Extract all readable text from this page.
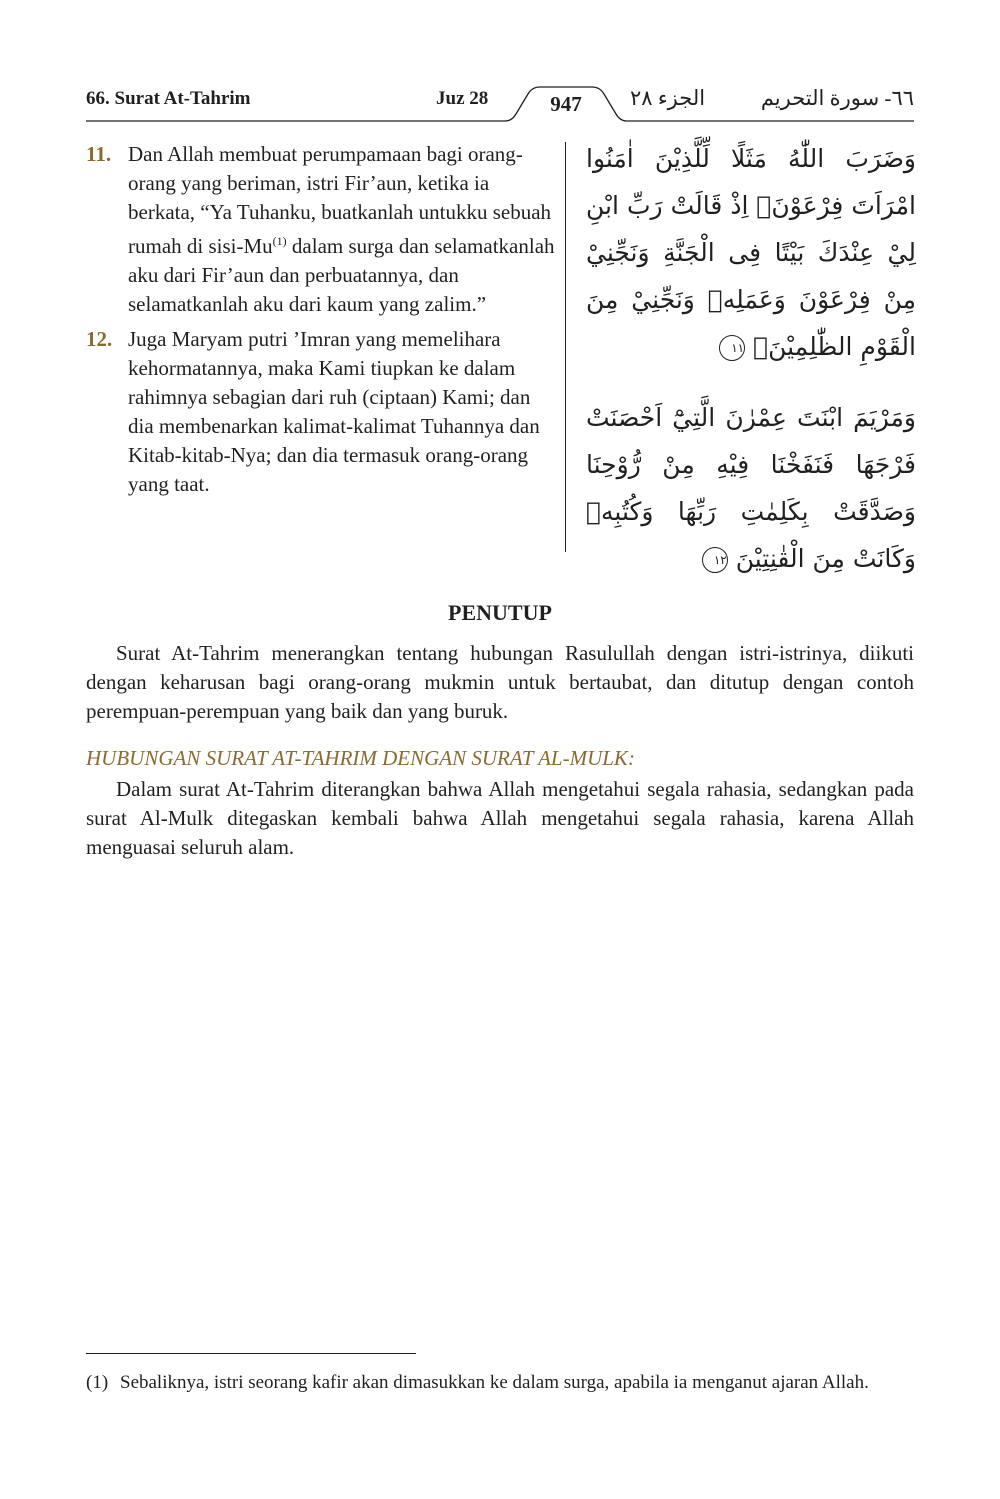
66. Surat At-Tahrim	Juz 28	947	الجزء ٢٨	٦٦- سورة التحريم
11. Dan Allah membuat perumpamaan bagi orang-orang yang beriman, istri Fir’aun, ketika ia berkata, “Ya Tuhanku, buatkanlah untukku sebuah rumah di sisi-Mu$^{(1)}$ dalam surga dan selamatkanlah aku dari Fir’aun dan perbuatannya, dan selamatkanlah aku dari kaum yang zalim.”
12. Juga Maryam putri ’Imran yang memelihara kehormatannya, maka Kami tiupkan ke dalam rahimnya sebagian dari ruh (ciptaan) Kami; dan dia membenarkan kalimat-kalimat Tuhannya dan Kitab-kitab-Nya; dan dia termasuk orang-orang yang taat.
وَضَرَبَ اللّٰهُ مَثَلًا لِّلَّذِيْنَ اٰمَنُوا امْرَاَتَ فِرْعَوْنَۘ اِذْ قَالَتْ رَبِّ ابْنِ لِيْ عِنْدَكَ بَيْتًا فِى الْجَنَّةِ وَنَجِّنِيْ مِنْ فِرْعَوْنَ وَعَمَلِهٖ وَنَجِّنِيْ مِنَ الْقَوْمِ الظّٰلِمِيْنَۙ ١١
وَمَرْيَمَ ابْنَتَ عِمْرٰنَ الَّتِيْٓ اَحْصَنَتْ فَرْجَهَا فَنَفَخْنَا فِيْهِ مِنْ رُّوْحِنَا وَصَدَّقَتْ بِكَلِمٰتِ رَبِّهَا وَكُتُبِهٖ وَكَانَتْ مِنَ الْقٰنِتِيْنَ ١٢
PENUTUP
Surat At-Tahrim menerangkan tentang hubungan Rasulullah dengan istri-istrinya, diikuti dengan keharusan bagi orang-orang mukmin untuk bertaubat, dan ditutup dengan contoh perempuan-perempuan yang baik dan yang buruk.
HUBUNGAN SURAT AT-TAHRIM DENGAN SURAT AL-MULK:
Dalam surat At-Tahrim diterangkan bahwa Allah mengetahui segala rahasia, sedangkan pada surat Al-Mulk ditegaskan kembali bahwa Allah mengetahui segala rahasia, karena Allah menguasai seluruh alam.
(1) Sebaliknya, istri seorang kafir akan dimasukkan ke dalam surga, apabila ia menganut ajaran Allah.
